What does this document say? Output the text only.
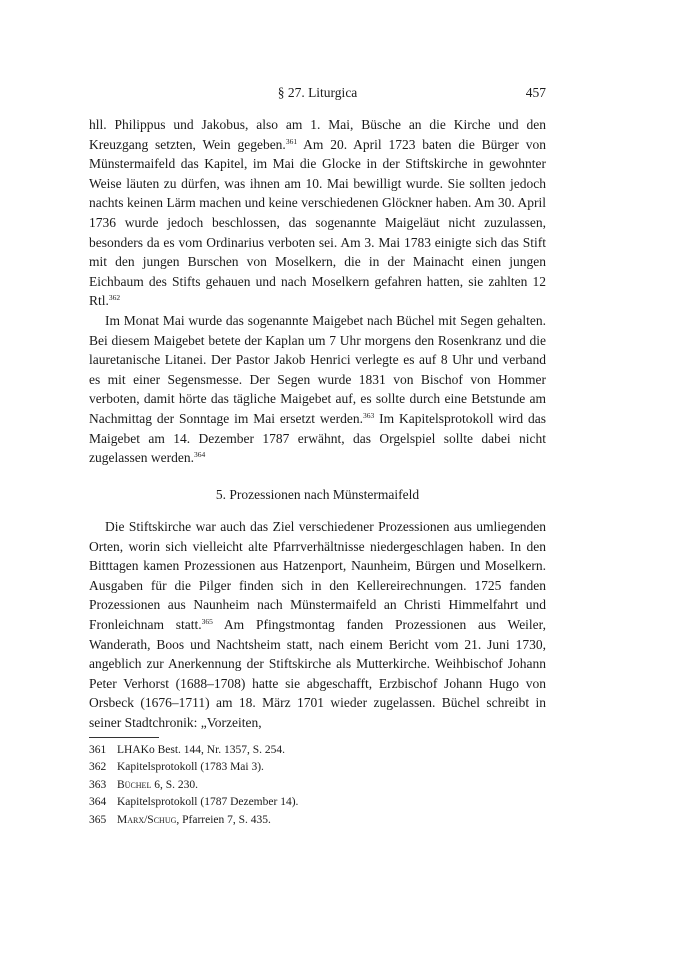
§ 27. Liturgica	457

hll. Philippus und Jakobus, also am 1. Mai, Büsche an die Kirche und den Kreuzgang setzten, Wein gegeben.$^{361}$ Am 20. April 1723 baten die Bürger von Münstermaifeld das Kapitel, im Mai die Glocke in der Stiftskirche in gewohnter Weise läuten zu dürfen, was ihnen am 10. Mai bewilligt wurde. Sie sollten jedoch nachts keinen Lärm machen und keine verschiedenen Glöckner haben. Am 30. April 1736 wurde jedoch beschlossen, das sogenannte Maigeläut nicht zuzulassen, besonders da es vom Ordinarius verboten sei. Am 3. Mai 1783 einigte sich das Stift mit den jungen Burschen von Moselkern, die in der Mainacht einen jungen Eichbaum des Stifts gehauen und nach Moselkern gefahren hatten, sie zahlten 12 Rtl.$^{362}$

Im Monat Mai wurde das sogenannte Maigebet nach Büchel mit Segen gehalten. Bei diesem Maigebet betete der Kaplan um 7 Uhr morgens den Rosenkranz und die lauretanische Litanei. Der Pastor Jakob Henrici verlegte es auf 8 Uhr und verband es mit einer Segensmesse. Der Segen wurde 1831 von Bischof von Hommer verboten, damit hörte das tägliche Maigebet auf, es sollte durch eine Betstunde am Nachmittag der Sonntage im Mai ersetzt werden.$^{363}$ Im Kapitelsprotokoll wird das Maigebet am 14. Dezember 1787 erwähnt, das Orgelspiel sollte dabei nicht zugelassen werden.$^{364}$

5. Prozessionen nach Münstermaifeld

Die Stiftskirche war auch das Ziel verschiedener Prozessionen aus umliegenden Orten, worin sich vielleicht alte Pfarrverhältnisse niedergeschlagen haben. In den Bitttagen kamen Prozessionen aus Hatzenport, Naunheim, Bürgen und Moselkern. Ausgaben für die Pilger finden sich in den Kellereirechnungen. 1725 fanden Prozessionen aus Naunheim nach Münstermaifeld an Christi Himmelfahrt und Fronleichnam statt.$^{365}$ Am Pfingstmontag fanden Prozessionen aus Weiler, Wanderath, Boos und Nachtsheim statt, nach einem Bericht vom 21. Juni 1730, angeblich zur Anerkennung der Stiftskirche als Mutterkirche. Weihbischof Johann Peter Verhorst (1688–1708) hatte sie abgeschafft, Erzbischof Johann Hugo von Orsbeck (1676–1711) am 18. März 1701 wieder zugelassen. Büchel schreibt in seiner Stadtchronik: „Vorzeiten,

361 LHAKo Best. 144, Nr. 1357, S. 254.
362 Kapitelsprotokoll (1783 Mai 3).
363 Büchel 6, S. 230.
364 Kapitelsprotokoll (1787 Dezember 14).
365 Marx/Schug, Pfarreien 7, S. 435.
